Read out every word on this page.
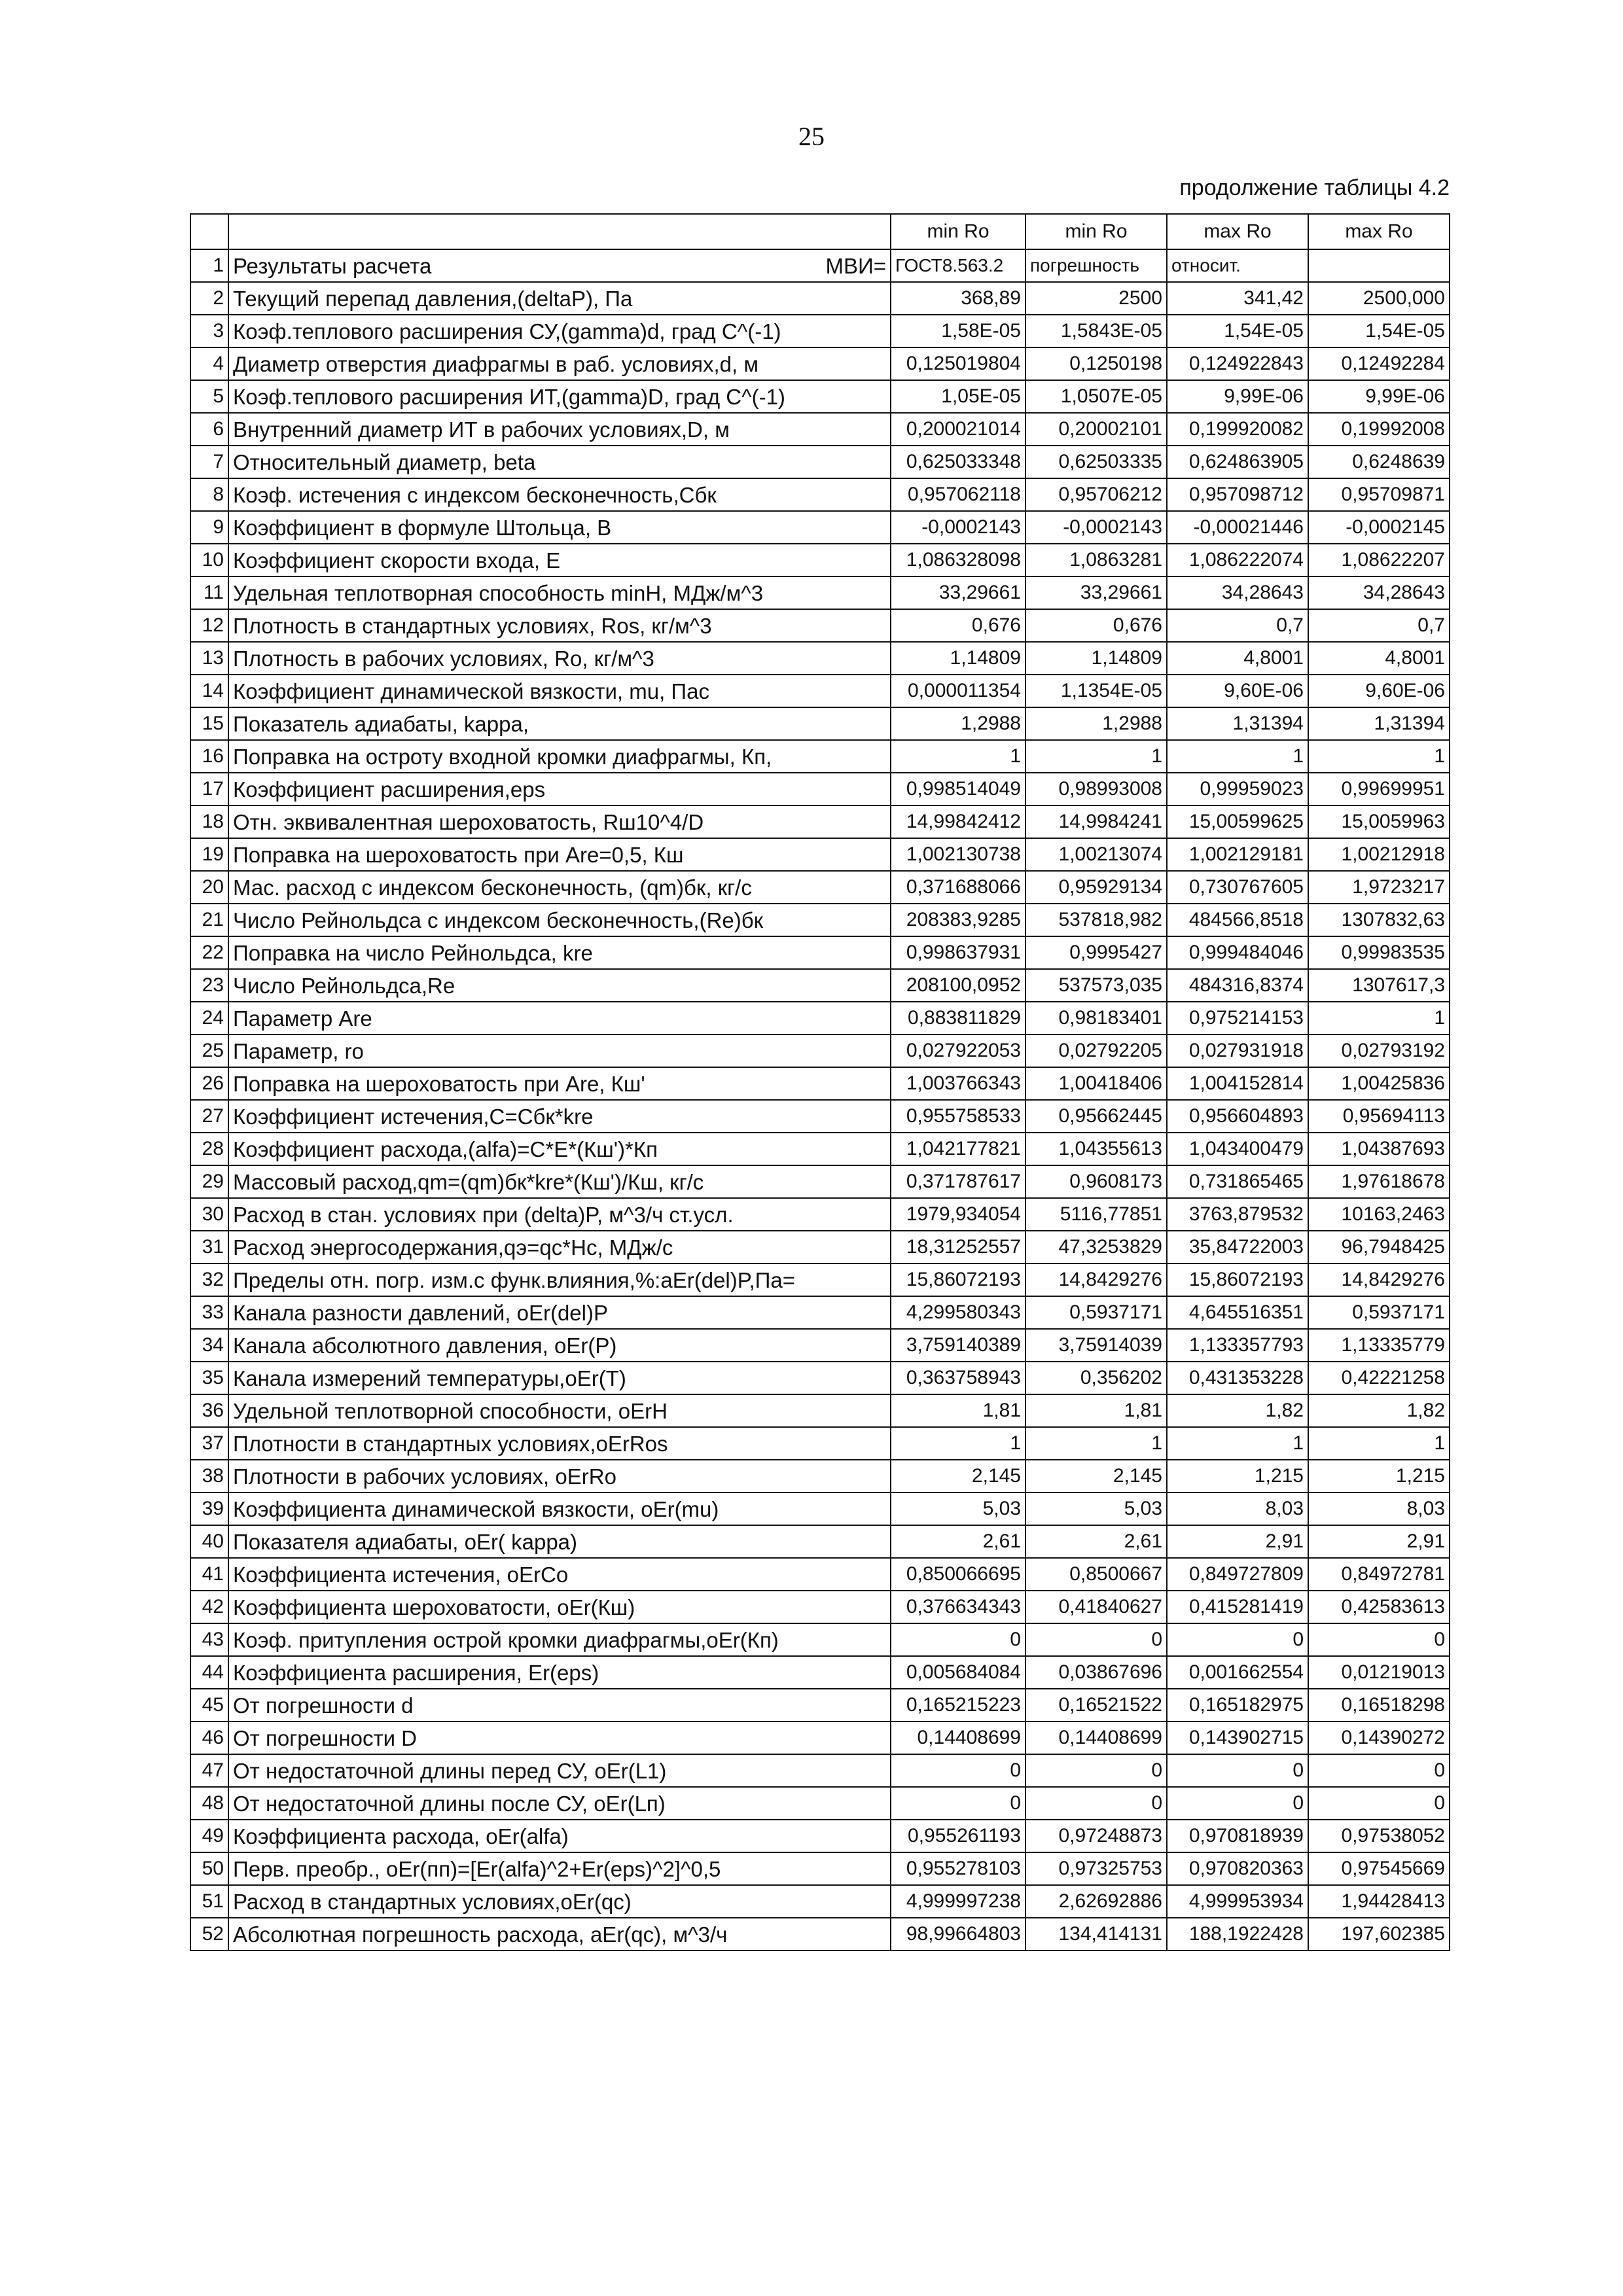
25
продолжение таблицы 4.2
			min Ro	min Ro	max Ro	max Ro
1	Результаты расчета	МВИ=	ГОСТ8.563.2	погрешность	относит.	
2	Текущий перепад давления,(deltaP), Па		368,89	2500	341,42	2500,000
3	Коэф.теплового расширения СУ,(gamma)d, град С^(-1)		1,58E-05	1,5843E-05	1,54E-05	1,54E-05
4	Диаметр отверстия диафрагмы в раб. условиях,d, м		0,125019804	0,1250198	0,124922843	0,12492284
5	Коэф.теплового расширения ИТ,(gamma)D, град С^(-1)		1,05E-05	1,0507E-05	9,99E-06	9,99E-06
6	Внутренний диаметр ИТ в рабочих условиях,D, м		0,200021014	0,20002101	0,199920082	0,19992008
7	Относительный диаметр, beta		0,625033348	0,62503335	0,624863905	0,6248639
8	Коэф. истечения с индексом бесконечность,Сбк		0,957062118	0,95706212	0,957098712	0,95709871
9	Коэффициент в формуле Штольца, В		-0,0002143	-0,0002143	-0,00021446	-0,0002145
10	Коэффициент скорости входа, Е		1,086328098	1,0863281	1,086222074	1,08622207
11	Удельная теплотворная способность minH, МДж/м^3		33,29661	33,29661	34,28643	34,28643
12	Плотность в стандартных условиях, Ros, кг/м^3		0,676	0,676	0,7	0,7
13	Плотность в рабочих условиях, Ro, кг/м^3		1,14809	1,14809	4,8001	4,8001
14	Коэффициент динамической вязкости, mu, Пас		0,000011354	1,1354E-05	9,60E-06	9,60E-06
15	Показатель адиабаты, kappa,		1,2988	1,2988	1,31394	1,31394
16	Поправка на остроту входной кромки диафрагмы, Кп,		1	1	1	1
17	Коэффициент расширения,eps		0,998514049	0,98993008	0,99959023	0,99699951
18	Отн. эквивалентная шероховатость, Rш10^4/D		14,99842412	14,9984241	15,00599625	15,0059963
19	Поправка на шероховатость при Are=0,5, Кш		1,002130738	1,00213074	1,002129181	1,00212918
20	Мас. расход с индексом бесконечность, (qm)бк, кг/с		0,371688066	0,95929134	0,730767605	1,9723217
21	Число Рейнольдса с индексом бесконечность,(Re)бк		208383,9285	537818,982	484566,8518	1307832,63
22	Поправка на число Рейнольдса, kre		0,998637931	0,9995427	0,999484046	0,99983535
23	Число Рейнольдса,Re		208100,0952	537573,035	484316,8374	1307617,3
24	Параметр Are		0,883811829	0,98183401	0,975214153	1
25	Параметр, ro		0,027922053	0,02792205	0,027931918	0,02793192
26	Поправка на шероховатость при Are, Кш'		1,003766343	1,00418406	1,004152814	1,00425836
27	Коэффициент истечения,С=Сбк*kre		0,955758533	0,95662445	0,956604893	0,95694113
28	Коэффициент расхода,(alfa)=C*E*(Кш')*Кп		1,042177821	1,04355613	1,043400479	1,04387693
29	Массовый расход,qm=(qm)бк*kre*(Кш')/Кш, кг/с		0,371787617	0,9608173	0,731865465	1,97618678
30	Расход в стан. условиях при (delta)P, м^3/ч ст.усл.		1979,934054	5116,77851	3763,879532	10163,2463
31	Расход энергосодержания,qэ=qc*Hc, МДж/с		18,31252557	47,3253829	35,84722003	96,7948425
32	Пределы отн. погр. изм.с функ.влияния,%:aEr(del)P,Па=		15,86072193	14,8429276	15,86072193	14,8429276
33	Канала разности давлений, oEr(del)P		4,299580343	0,5937171	4,645516351	0,5937171
34	Канала абсолютного давления, oEr(P)		3,759140389	3,75914039	1,133357793	1,13335779
35	Канала измерений температуры,oEr(T)		0,363758943	0,356202	0,431353228	0,42221258
36	Удельной теплотворной способности, oErH		1,81	1,81	1,82	1,82
37	Плотности в стандартных условиях,oErRos		1	1	1	1
38	Плотности в рабочих условиях, oErRo		2,145	2,145	1,215	1,215
39	Коэффициента динамической вязкости, oEr(mu)		5,03	5,03	8,03	8,03
40	Показателя адиабаты, oEr( kappa)		2,61	2,61	2,91	2,91
41	Коэффициента истечения, oErCo		0,850066695	0,8500667	0,849727809	0,84972781
42	Коэффициента шероховатости, oEr(Кш)		0,376634343	0,41840627	0,415281419	0,42583613
43	Коэф. притупления острой кромки диафрагмы,oEr(Кп)		0	0	0	0
44	Коэффициента расширения, Er(eps)		0,005684084	0,03867696	0,001662554	0,01219013
45	От погрешности d		0,165215223	0,16521522	0,165182975	0,16518298
46	От погрешности D		0,14408699	0,14408699	0,143902715	0,14390272
47	От недостаточной длины перед СУ, oEr(L1)		0	0	0	0
48	От недостаточной длины после СУ, oEr(Lп)		0	0	0	0
49	Коэффициента расхода, oEr(alfa)		0,955261193	0,97248873	0,970818939	0,97538052
50	Перв. преобр., oEr(пп)=[Er(alfa)^2+Er(eps)^2]^0,5		0,955278103	0,97325753	0,970820363	0,97545669
51	Расход в стандартных условиях,oEr(qc)		4,999997238	2,62692886	4,999953934	1,94428413
52	Абсолютная погрешность расхода, aEr(qc), м^3/ч		98,99664803	134,414131	188,1922428	197,602385
